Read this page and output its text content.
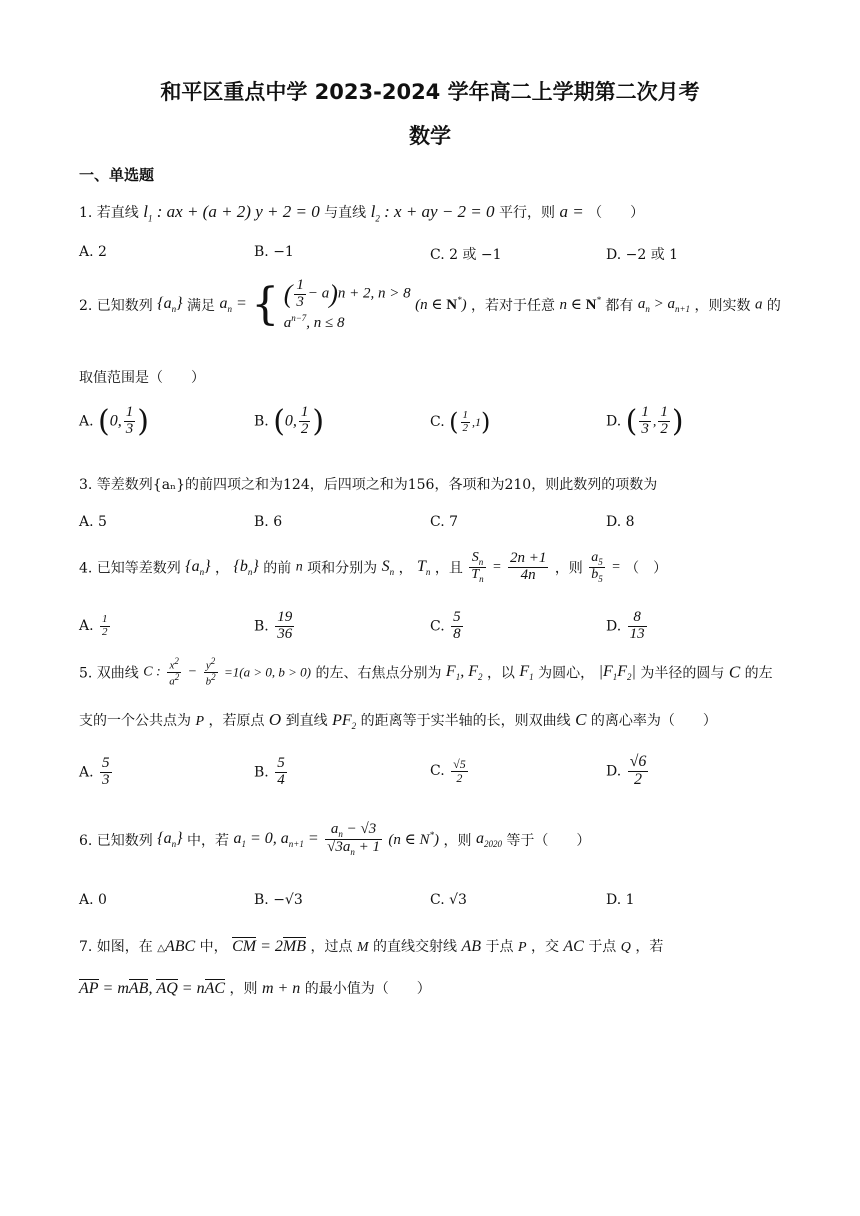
和平区重点中学 2023-2024 学年高二上学期第二次月考
数学
一、单选题
1. 若直线 $l_1$ : ax + (a + 2) y + 2 = 0 与直线 $l_2$ : x + ay − 2 = 0 平行，则 a = （　　）
A. 2	B. −1	C. 2 或 −1	D. −2 或 1
2. 已知数列 $\{a_n\}$ 满足 $a_n$ = { ( $\frac{1}{3} - a)n + 2$, n > 8
$a^{n-7}$, n ≤ 8
(n ∈ N*) ，若对于任意 n ∈ N* 都有 $a_n > a_{n+1}$ ，则实数 a 的
取值范围是（　　）
A. (0, $\frac{1}{3}$ )	B. (0, $\frac{1}{2}$ )	C. ( $\frac{1}{2} ,1$)	D. ( $\frac{1}{3}$ , $\frac{1}{2}$ )
3. 等差数列{aₙ}的前四项之和为124，后四项之和为156，各项和为210，则此数列的项数为
A. 5	B. 6	C. 7	D. 8
4. 已知等差数列 $\{a_n\}$ ， $\{b_n\}$ 的前 n 项和分别为 $S_n$ ， $T_n$ ，且 $\frac{S_n}{T_n} = \frac{2n +1}{4n}$ ，则 $\frac{a_5}{b_5}$ = （　）
A. $\frac{1}{2}$	B. $\frac{19}{36}$	C. $\frac{5}{8}$	D. $\frac{8}{13}$
5. 双曲线 C : $\frac{x^2}{a^2} - \frac{y^2}{b^2} =1(a > 0$, b > 0) 的左、右焦点分别为 $F_1$, $F_2$ ，以 $F_1$ 为圆心， $|F_1F_2|$ 为半径的圆与 C 的左
支的一个公共点为 P ，若原点 O 到直线 $PF_2$ 的距离等于实半轴的长，则双曲线 C 的离心率为（　　）
A. $\frac{5}{3}$	B. $\frac{5}{4}$	C. $\frac{√5}{2}$	D. $\frac{√6}{2}$
6. 已知数列 $\{a_n\}$ 中，若 $a_1 = 0$, $a_{n+1} = \frac{a_n - √3}{√3a_n + 1} (n$ ∈ N*) ，则 $a_{2020}$ 等于（　　）
A. 0	B. −√3	C. √3	D. 1
7. 如图，在 △ABC 中， CM = 2MB ，过点 M 的直线交射线 AB 于点 P ，交 AC 于点 Q ，若
AP = mAB, AQ = nAC ，则 m + n 的最小值为（　　）
